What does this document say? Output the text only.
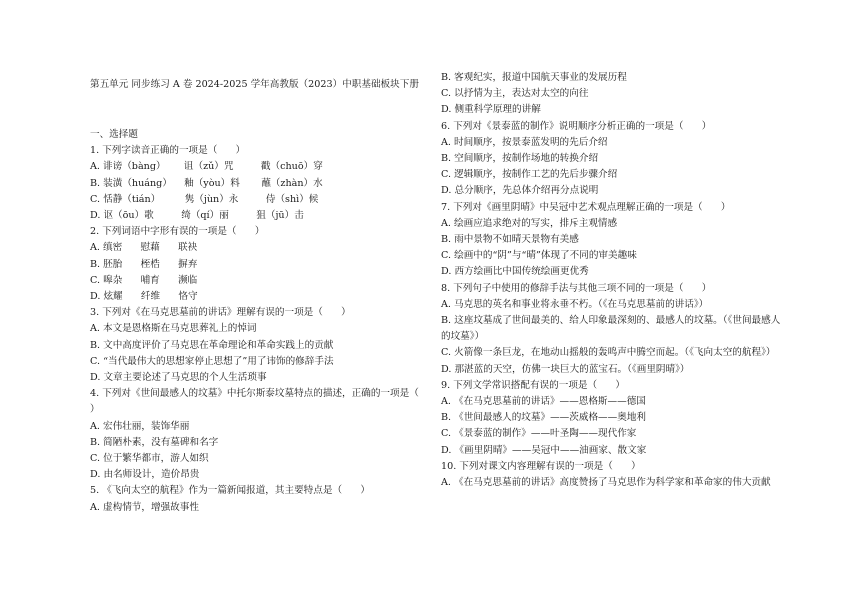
第五单元 同步练习 A 卷 2024-2025 学年高教版（2023）中职基础板块下册
一、选择题
1. 下列字读音正确的一项是（      ）
A. 诽谤（bàng）      诅（zǔ）咒         戳（chuō）穿
B. 装潢（huáng）    釉（yòu）料       蘸（zhàn）水
C. 恬静（tián）        隽（jùn）永         侍（shì）候
D. 讴（ōu）歌         绮（qí）丽         狙（jū）击
2. 下列词语中字形有误的一项是（      ）
A. 缜密      慰藉      联袂
B. 胚胎      桎梏      摒弃
C. 嗥杂      哺育      濒临
D. 炫耀      纤维      恪守
3. 下列对《在马克思墓前的讲话》理解有误的一项是（      ）
A. 本文是恩格斯在马克思葬礼上的悼词
B. 文中高度评价了马克思在革命理论和革命实践上的贡献
C. “当代最伟大的思想家停止思想了”用了讳饰的修辞手法
D. 文章主要论述了马克思的个人生活琐事
4. 下列对《世间最感人的坟墓》中托尔斯泰坟墓特点的描述，正确的一项是（ ）
A. 宏伟壮丽，装饰华丽
B. 简陋朴素，没有墓碑和名字
C. 位于繁华都市，游人如织
D. 由名师设计，造价昂贵
5. 《飞向太空的航程》作为一篇新闻报道，其主要特点是（      ）
A. 虚构情节，增强故事性
B. 客观纪实，报道中国航天事业的发展历程
C. 以抒情为主，表达对太空的向往
D. 侧重科学原理的讲解
6. 下列对《景泰蓝的制作》说明顺序分析正确的一项是（      ）
A. 时间顺序，按景泰蓝发明的先后介绍
B. 空间顺序，按制作场地的转换介绍
C. 逻辑顺序，按制作工艺的先后步骤介绍
D. 总分顺序，先总体介绍再分点说明
7. 下列对《画里阴晴》中吴冠中艺术观点理解正确的一项是（      ）
A. 绘画应追求绝对的写实，排斥主观情感
B. 雨中景物不如晴天景物有美感
C. 绘画中的“阴”与“晴”体现了不同的审美趣味
D. 西方绘画比中国传统绘画更优秀
8. 下列句子中使用的修辞手法与其他三项不同的一项是（      ）
A. 马克思的英名和事业将永垂不朽。（《在马克思墓前的讲话》）
B. 这座坟墓成了世间最美的、给人印象最深刻的、最感人的坟墓。（《世间最感人的坟墓》）
C. 火箭像一条巨龙，在地动山摇般的轰鸣声中腾空而起。（《飞向太空的航程》）
D. 那湛蓝的天空，仿佛一块巨大的蓝宝石。（《画里阴晴》）
9. 下列文学常识搭配有误的一项是（      ）
A. 《在马克思墓前的讲话》——恩格斯——德国
B. 《世间最感人的坟墓》——茨威格——奥地利
C. 《景泰蓝的制作》——叶圣陶——现代作家
D. 《画里阴晴》——吴冠中——油画家、散文家
10. 下列对课文内容理解有误的一项是（      ）
A. 《在马克思墓前的讲话》高度赞扬了马克思作为科学家和革命家的伟大贡献
